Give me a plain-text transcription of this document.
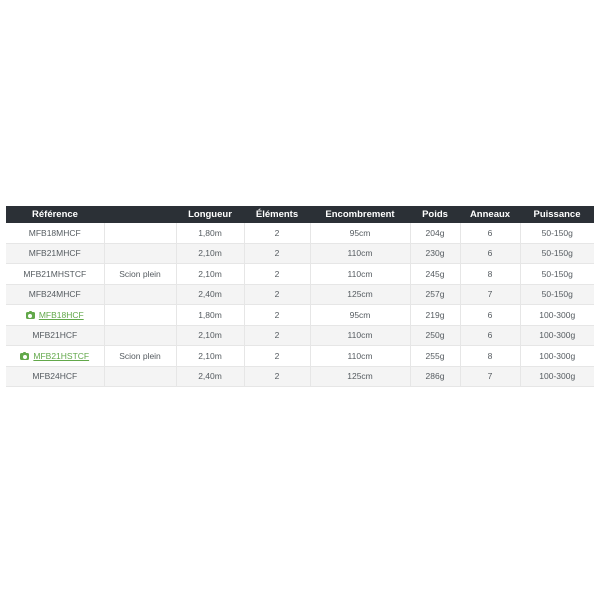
Référence		Longueur	Éléments	Encombrement	Poids	Anneaux	Puissance
MFB18MHCF		1,80m	2	95cm	204g	6	50-150g
MFB21MHCF		2,10m	2	110cm	230g	6	50-150g
MFB21MHSTCF	Scion plein	2,10m	2	110cm	245g	8	50-150g
MFB24MHCF		2,40m	2	125cm	257g	7	50-150g
MFB18HCF		1,80m	2	95cm	219g	6	100-300g
MFB21HCF		2,10m	2	110cm	250g	6	100-300g
MFB21HSTCF	Scion plein	2,10m	2	110cm	255g	8	100-300g
MFB24HCF		2,40m	2	125cm	286g	7	100-300g
